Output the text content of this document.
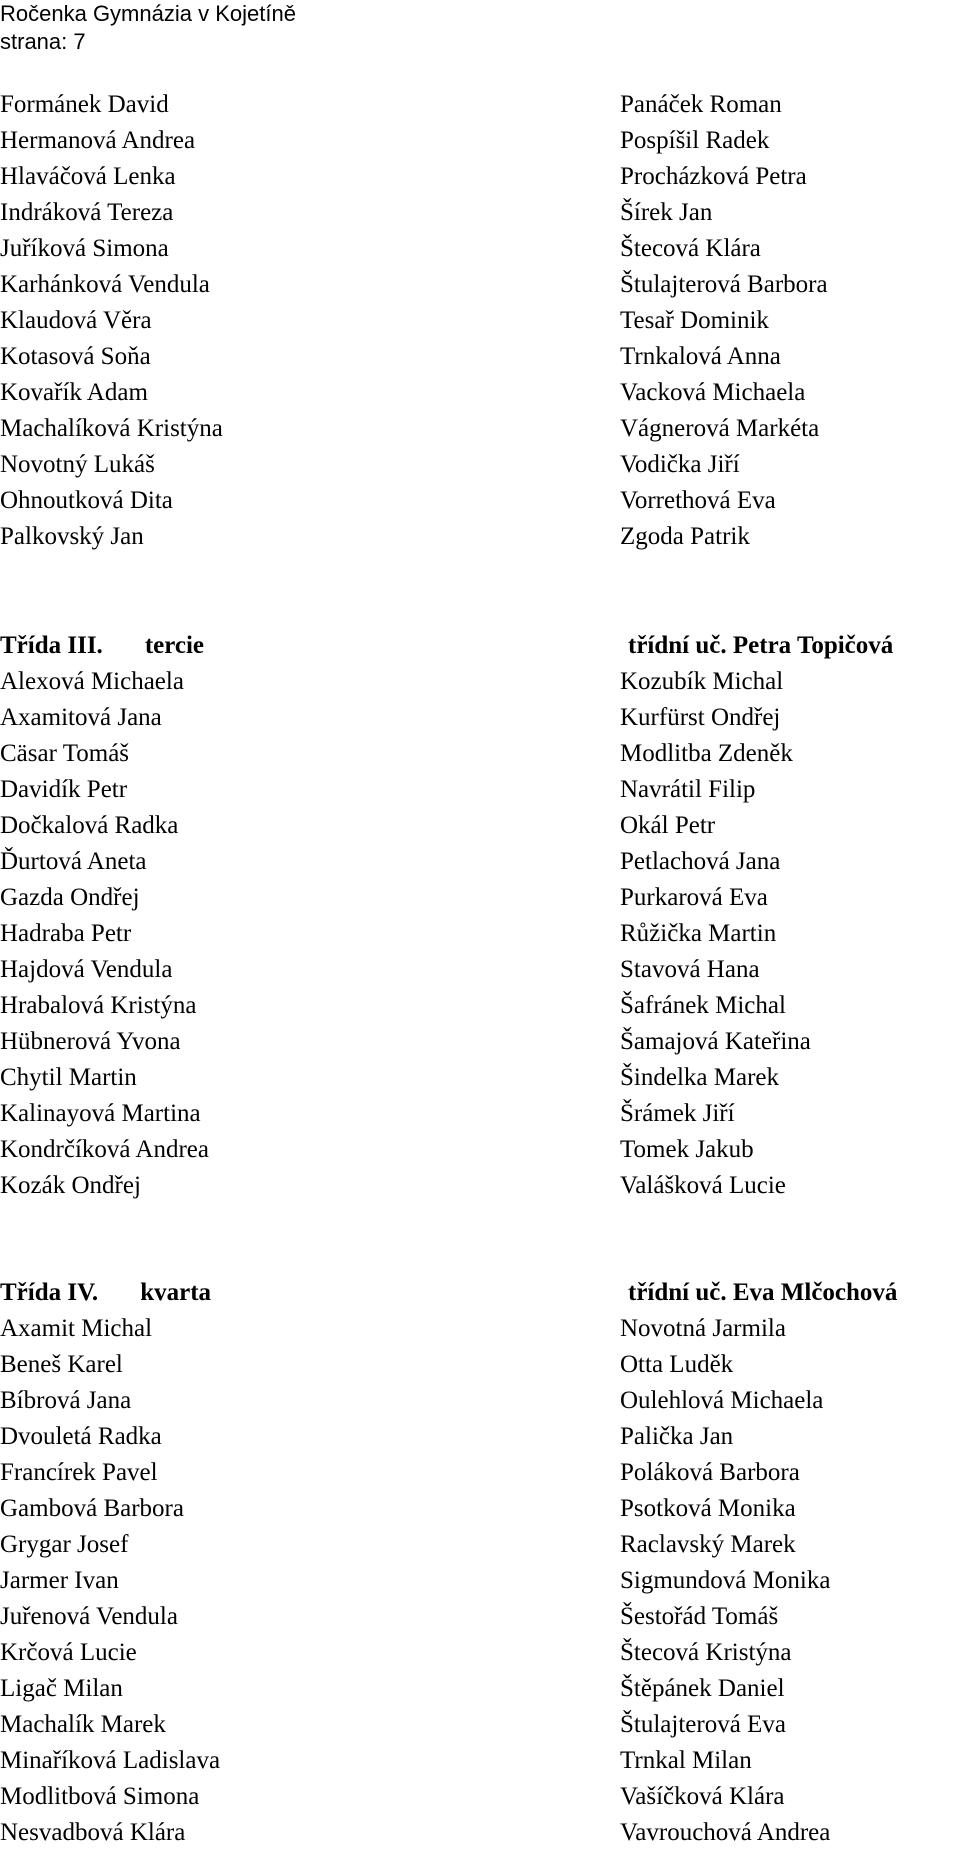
Ročenka Gymnázia v Kojetíně
strana: 7
Formánek David
Hermanová Andrea
Hlaváčová Lenka
Indráková Tereza
Juříková Simona
Karhánková Vendula
Klaudová Věra
Kotasová Soňa
Kovařík Adam
Machalíková Kristýna
Novotný Lukáš
Ohnoutková Dita
Palkovský Jan
Panáček Roman
Pospíšil Radek
Procházková Petra
Šírek Jan
Štecová Klára
Štulajterová Barbora
Tesař Dominik
Trnkalová Anna
Vacková Michaela
Vágnerová Markéta
Vodička Jiří
Vorrethová Eva
Zgoda Patrik
Třída III. tercie	třídní uč. Petra Topičová
Alexová Michaela
Axamitová Jana
Cäsar Tomáš
Davidík Petr
Dočkalová Radka
Ďurtová Aneta
Gazda Ondřej
Hadraba Petr
Hajdová Vendula
Hrabalová Kristýna
Hübnerová Yvona
Chytil Martin
Kalinayová Martina
Kondrčíková Andrea
Kozák Ondřej
Kozubík Michal
Kurfürst Ondřej
Modlitba Zdeněk
Navrátil Filip
Okál Petr
Petlachová Jana
Purkarová Eva
Růžička Martin
Stavová Hana
Šafránek Michal
Šamajová Kateřina
Šindelka Marek
Šrámek Jiří
Tomek Jakub
Valášková Lucie
Třída IV. kvarta	třídní uč. Eva Mlčochová
Axamit Michal
Beneš Karel
Bíbrová Jana
Dvouletá Radka
Francírek Pavel
Gambová Barbora
Grygar Josef
Jarmer Ivan
Juřenová Vendula
Krčová Lucie
Ligač Milan
Machalík Marek
Minaříková Ladislava
Modlitbová Simona
Nesvadbová Klára
Novotná Jarmila
Otta Luděk
Oulehlová Michaela
Palička Jan
Poláková Barbora
Psotková Monika
Raclavský Marek
Sigmundová Monika
Šestořád Tomáš
Štecová Kristýna
Štěpánek Daniel
Štulajterová Eva
Trnkal Milan
Vašíčková Klára
Vavrouchová Andrea
